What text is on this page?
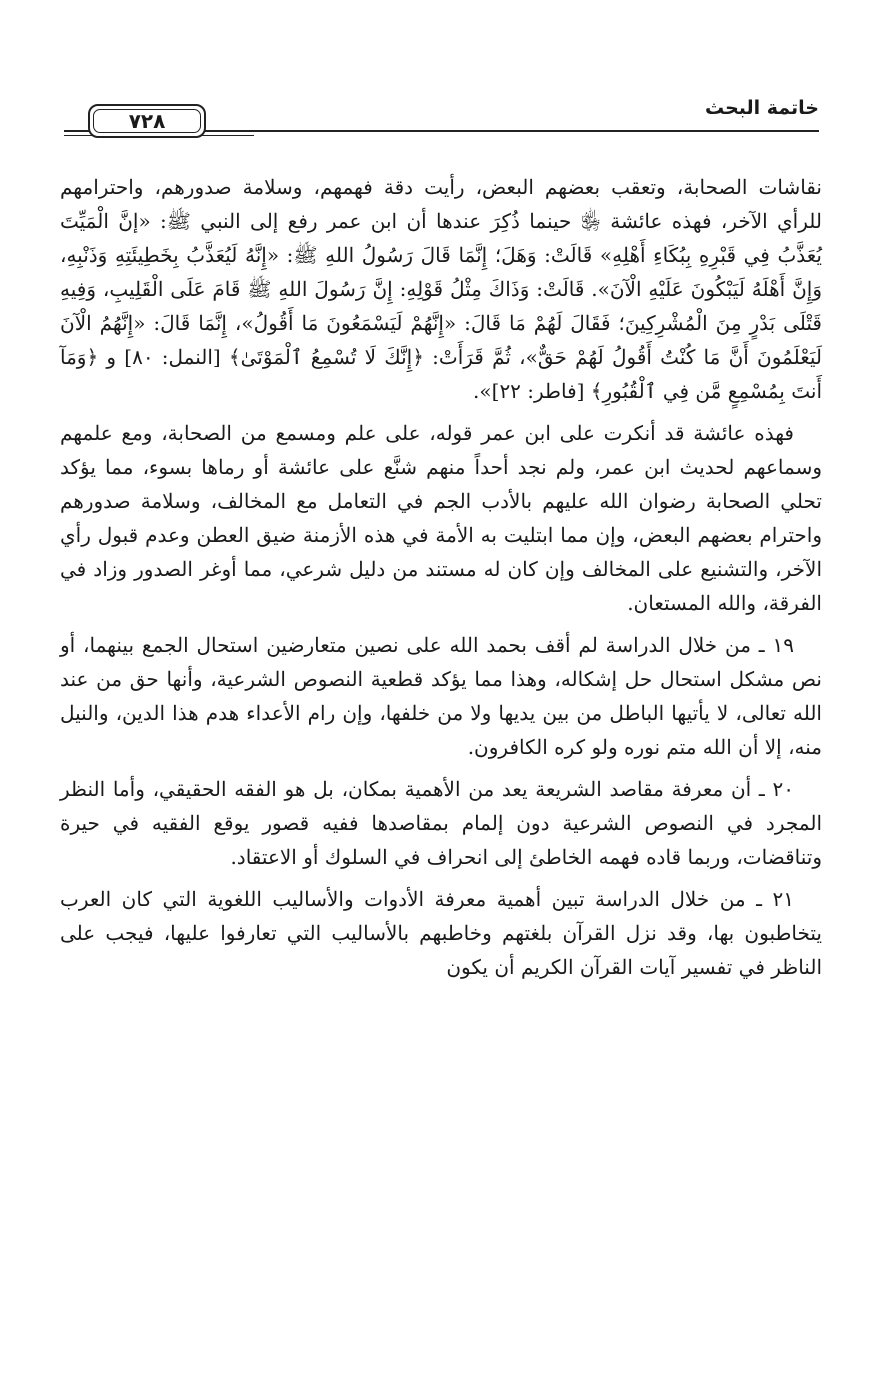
خاتمة البحث
٧٢٨

نقاشات الصحابة، وتعقب بعضهم البعض، رأيت دقة فهمهم، وسلامة صدورهم، واحترامهم للرأي الآخر، فهذه عائشة ﵂ حينما ذُكِرَ عندها أن ابن عمر رفع إلى النبي ﷺ: «إنَّ الْمَيِّتَ يُعَذَّبُ فِي قَبْرِهِ بِبُكَاءِ أَهْلِهِ» قَالَتْ: وَهَلَ؛ إِنَّمَا قَالَ رَسُولُ اللهِ ﷺ: «إِنَّهُ لَيُعَذَّبُ بِخَطِيئَتِهِ وَذَنْبِهِ، وَإِنَّ أَهْلَهُ لَيَبْكُونَ عَلَيْهِ الْآنَ». قَالَتْ: وَذَاكَ مِثْلُ قَوْلِهِ: إِنَّ رَسُولَ اللهِ ﷺ قَامَ عَلَى الْقَلِيبِ، وَفِيهِ قَتْلَى بَدْرٍ مِنَ الْمُشْرِكِينَ؛ فَقَالَ لَهُمْ مَا قَالَ: «إِنَّهُمْ لَيَسْمَعُونَ مَا أَقُولُ»، إِنَّمَا قَالَ: «إِنَّهُمُ الْآنَ لَيَعْلَمُونَ أَنَّ مَا كُنْتُ أَقُولُ لَهُمْ حَقٌّ»، ثُمَّ قَرَأَتْ: ﴿إِنَّكَ لَا تُسْمِعُ ٱلْمَوْتَىٰ﴾ [النمل: ٨٠] و ﴿وَمَآ أَنتَ بِمُسْمِعٍ مَّن فِي ٱلْقُبُورِ﴾ [فاطر: ٢٢]».

فهذه عائشة قد أنكرت على ابن عمر قوله، على علم ومسمع من الصحابة، ومع علمهم وسماعهم لحديث ابن عمر، ولم نجد أحداً منهم شنَّع على عائشة أو رماها بسوء، مما يؤكد تحلي الصحابة رضوان الله عليهم بالأدب الجم في التعامل مع المخالف، وسلامة صدورهم واحترام بعضهم البعض، وإن مما ابتليت به الأمة في هذه الأزمنة ضيق العطن وعدم قبول رأي الآخر، والتشنيع على المخالف وإن كان له مستند من دليل شرعي، مما أوغر الصدور وزاد في الفرقة، والله المستعان.

١٩ ـ من خلال الدراسة لم أقف بحمد الله على نصين متعارضين استحال الجمع بينهما، أو نص مشكل استحال حل إشكاله، وهذا مما يؤكد قطعية النصوص الشرعية، وأنها حق من عند الله تعالى، لا يأتيها الباطل من بين يديها ولا من خلفها، وإن رام الأعداء هدم هذا الدين، والنيل منه، إلا أن الله متم نوره ولو كره الكافرون.

٢٠ ـ أن معرفة مقاصد الشريعة يعد من الأهمية بمكان، بل هو الفقه الحقيقي، وأما النظر المجرد في النصوص الشرعية دون إلمام بمقاصدها ففيه قصور يوقع الفقيه في حيرة وتناقضات، وربما قاده فهمه الخاطئ إلى انحراف في السلوك أو الاعتقاد.

٢١ ـ من خلال الدراسة تبين أهمية معرفة الأدوات والأساليب اللغوية التي كان العرب يتخاطبون بها، وقد نزل القرآن بلغتهم وخاطبهم بالأساليب التي تعارفوا عليها، فيجب على الناظر في تفسير آيات القرآن الكريم أن يكون
